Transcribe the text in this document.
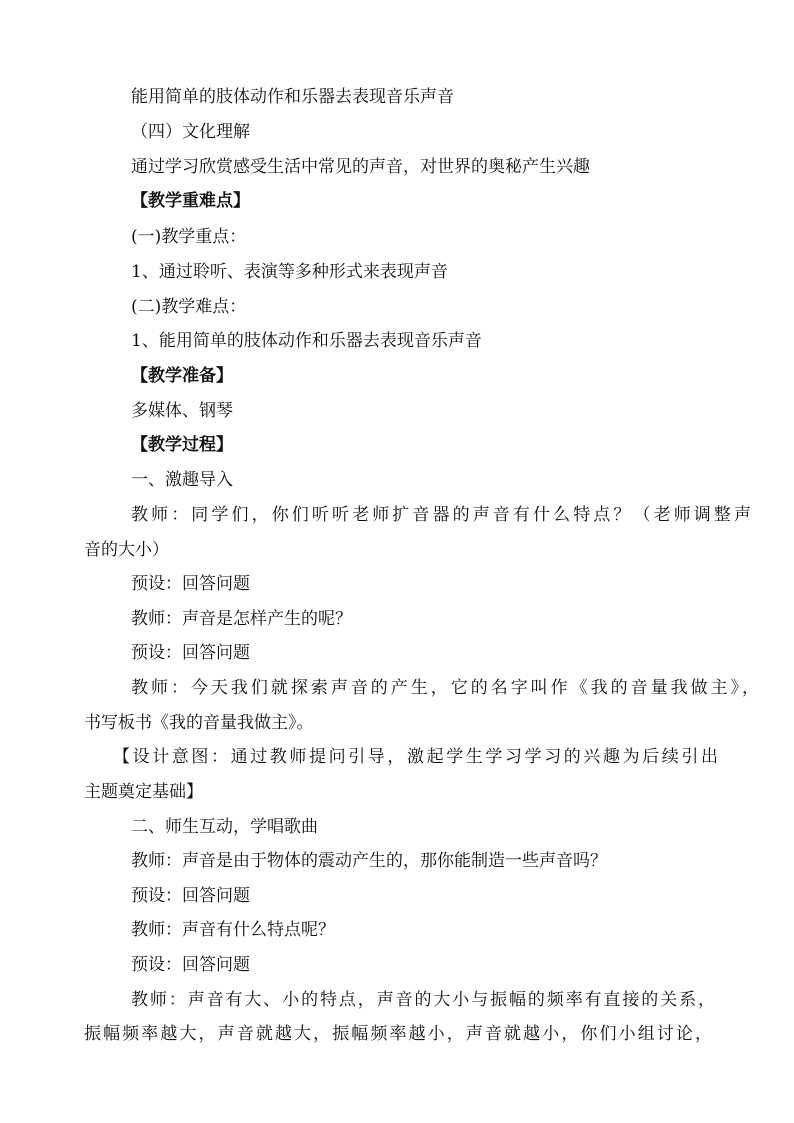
能用简单的肢体动作和乐器去表现音乐声音
（四）文化理解
通过学习欣赏感受生活中常见的声音，对世界的奥秘产生兴趣
【教学重难点】
(一)教学重点：
1、通过聆听、表演等多种形式来表现声音
(二)教学难点：
1、能用简单的肢体动作和乐器去表现音乐声音
【教学准备】
多媒体、钢琴
【教学过程】
一、激趣导入
教师：同学们，你们听听老师扩音器的声音有什么特点？（老师调整声
音的大小）
预设：回答问题
教师：声音是怎样产生的呢？
预设：回答问题
教师：今天我们就探索声音的产生，它的名字叫作《我的音量我做主》，
书写板书《我的音量我做主》。
【设计意图：通过教师提问引导，激起学生学习学习的兴趣为后续引出
主题奠定基础】
二、师生互动，学唱歌曲
教师：声音是由于物体的震动产生的，那你能制造一些声音吗？
预设：回答问题
教师：声音有什么特点呢？
预设：回答问题
教师：声音有大、小的特点，声音的大小与振幅的频率有直接的关系，
振幅频率越大，声音就越大，振幅频率越小，声音就越小，你们小组讨论，
